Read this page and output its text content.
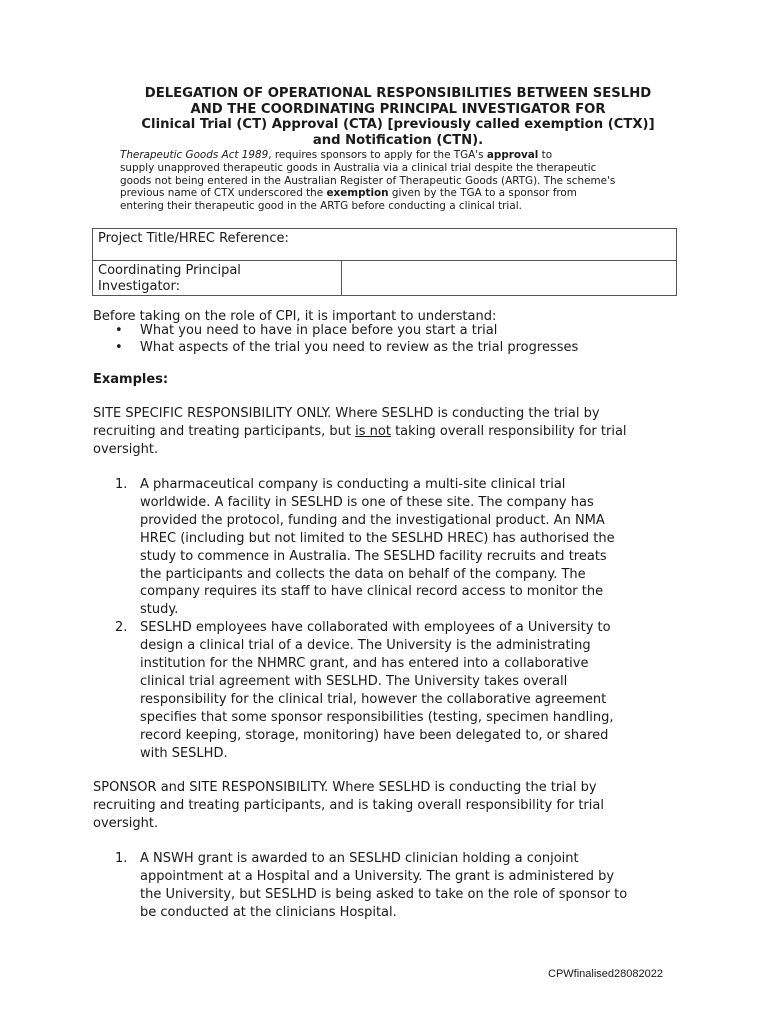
DELEGATION OF OPERATIONAL RESPONSIBILITIES BETWEEN SESLHD
AND THE COORDINATING PRINCIPAL INVESTIGATOR FOR
Clinical Trial (CT) Approval (CTA) [previously called exemption (CTX)]
and Notification (CTN).
Therapeutic Goods Act 1989, requires sponsors to apply for the TGA's approval to
supply unapproved therapeutic goods in Australia via a clinical trial despite the therapeutic
goods not being entered in the Australian Register of Therapeutic Goods (ARTG). The scheme's
previous name of CTX underscored the exemption given by the TGA to a sponsor from
entering their therapeutic good in the ARTG before conducting a clinical trial.
Project Title/HREC Reference:

Coordinating Principal
Investigator:

Before taking on the role of CPI, it is important to understand:
• What you need to have in place before you start a trial
• What aspects of the trial you need to review as the trial progresses
Examples:
SITE SPECIFIC RESPONSIBILITY ONLY. Where SESLHD is conducting the trial by
recruiting and treating participants, but is not taking overall responsibility for trial
oversight.
1. A pharmaceutical company is conducting a multi-site clinical trial
worldwide. A facility in SESLHD is one of these site. The company has
provided the protocol, funding and the investigational product. An NMA
HREC (including but not limited to the SESLHD HREC) has authorised the
study to commence in Australia. The SESLHD facility recruits and treats
the participants and collects the data on behalf of the company. The
company requires its staff to have clinical record access to monitor the
study.
2. SESLHD employees have collaborated with employees of a University to
design a clinical trial of a device. The University is the administrating
institution for the NHMRC grant, and has entered into a collaborative
clinical trial agreement with SESLHD. The University takes overall
responsibility for the clinical trial, however the collaborative agreement
specifies that some sponsor responsibilities (testing, specimen handling,
record keeping, storage, monitoring) have been delegated to, or shared
with SESLHD.
SPONSOR and SITE RESPONSIBILITY. Where SESLHD is conducting the trial by
recruiting and treating participants, and is taking overall responsibility for trial
oversight.
1. A NSWH grant is awarded to an SESLHD clinician holding a conjoint
appointment at a Hospital and a University. The grant is administered by
the University, but SESLHD is being asked to take on the role of sponsor to
be conducted at the clinicians Hospital.
CPWfinalised28082022
